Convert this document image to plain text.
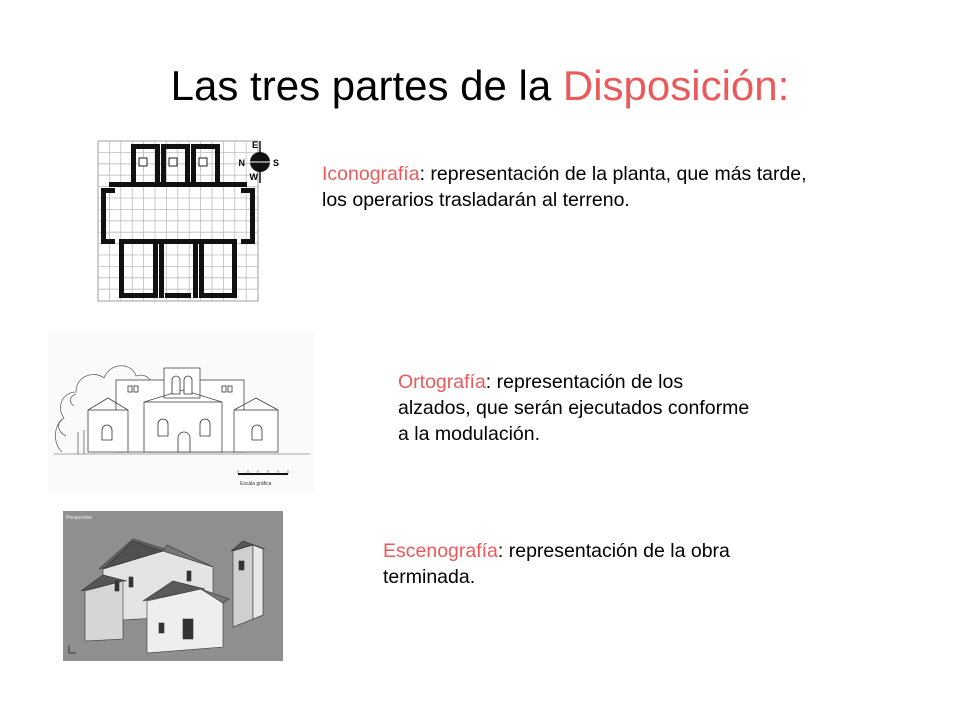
Las tres partes de la Disposición:
E
N	S
W	Iconografía: representación de la planta, que más tarde, los operarios trasladarán al terreno.
Escala gráfica
Ortografía: representación de los alzados, que serán ejecutados conforme a la modulación.
Perspective
Escenografía: representación de la obra terminada.
